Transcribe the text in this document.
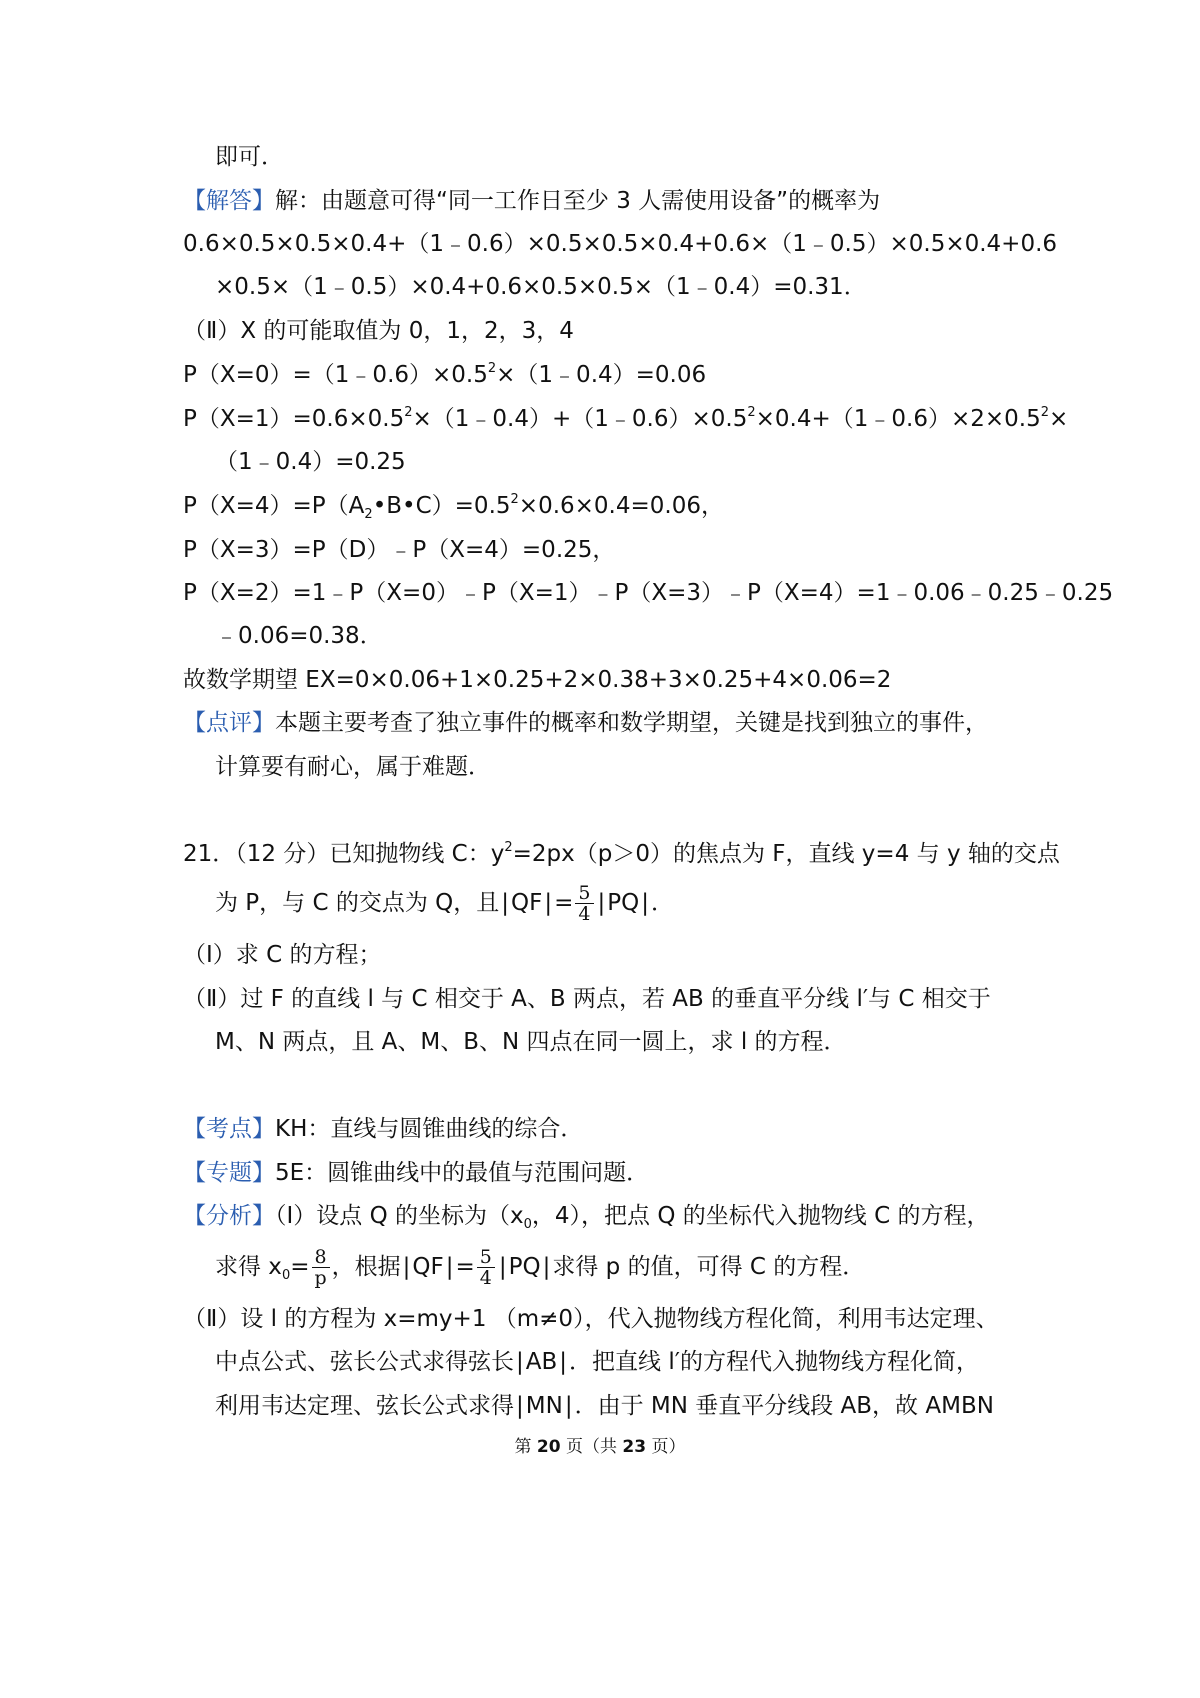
即可．
【解答】解：由题意可得“同一工作日至少 3 人需使用设备”的概率为
0.6×0.5×0.5×0.4+（1﹣0.6）×0.5×0.5×0.4+0.6×（1﹣0.5）×0.5×0.4+0.6
×0.5×（1﹣0.5）×0.4+0.6×0.5×0.5×（1﹣0.4）=0.31．
（Ⅱ）X 的可能取值为 0，1，2，3，4
$P(X=0)=(1﹣0.6)\times 0.5^2\times(1﹣0.4)=0.06$
$P(X=1)=0.6\times 0.5^2\times(1﹣0.4)+(1﹣0.6)\times 0.5^2\times 0.4+(1﹣0.6)\times 2\times 0.5^2\times$
（1﹣0.4）=0.25
$P(X=4)=P(A_2•B•C)=0.5^2\times 0.6\times 0.4=0.06$，
P（X=3）=P（D）﹣P（X=4）=0.25，
P（X=2）=1﹣P（X=0）﹣P（X=1）﹣P（X=3）﹣P（X=4）=1﹣0.06﹣0.25﹣0.25
﹣0.06=0.38．
故数学期望 EX=0×0.06+1×0.25+2×0.38+3×0.25+4×0.06=2
【点评】本题主要考查了独立事件的概率和数学期望，关键是找到独立的事件，
计算要有耐心，属于难题．
21．（12 分）已知抛物线 C：$y^2=2px(p>0)$的焦点为 F，直线 y=4 与 y 轴的交点
为 P，与 C 的交点为 Q，且$|QF|= \frac{5}{4} |PQ|$．
（Ⅰ）求 C 的方程；
（Ⅱ）过 F 的直线 l 与 C 相交于 A、B 两点，若 AB 的垂直平分线 l′与 C 相交于
M、N 两点，且 A、M、B、N 四点在同一圆上，求 l 的方程．
【考点】KH：直线与圆锥曲线的综合．
【专题】5E：圆锥曲线中的最值与范围问题．
【分析】（Ⅰ）设点 Q 的坐标为（$x_0$，4），把点 Q 的坐标代入抛物线 C 的方程，
求得 $x_0= \frac{8}{p}$ ，根据$|QF|= \frac{5}{4} |PQ|$求得 p 的值，可得 C 的方程．
（Ⅱ）设 l 的方程为 x=my+1 （m≠0），代入抛物线方程化简，利用韦达定理、
中点公式、弦长公式求得弦长|AB|．把直线 l′的方程代入抛物线方程化简，
利用韦达定理、弦长公式求得|MN|．由于 MN 垂直平分线段 AB，故 AMBN
第 20 页（共 23 页）
